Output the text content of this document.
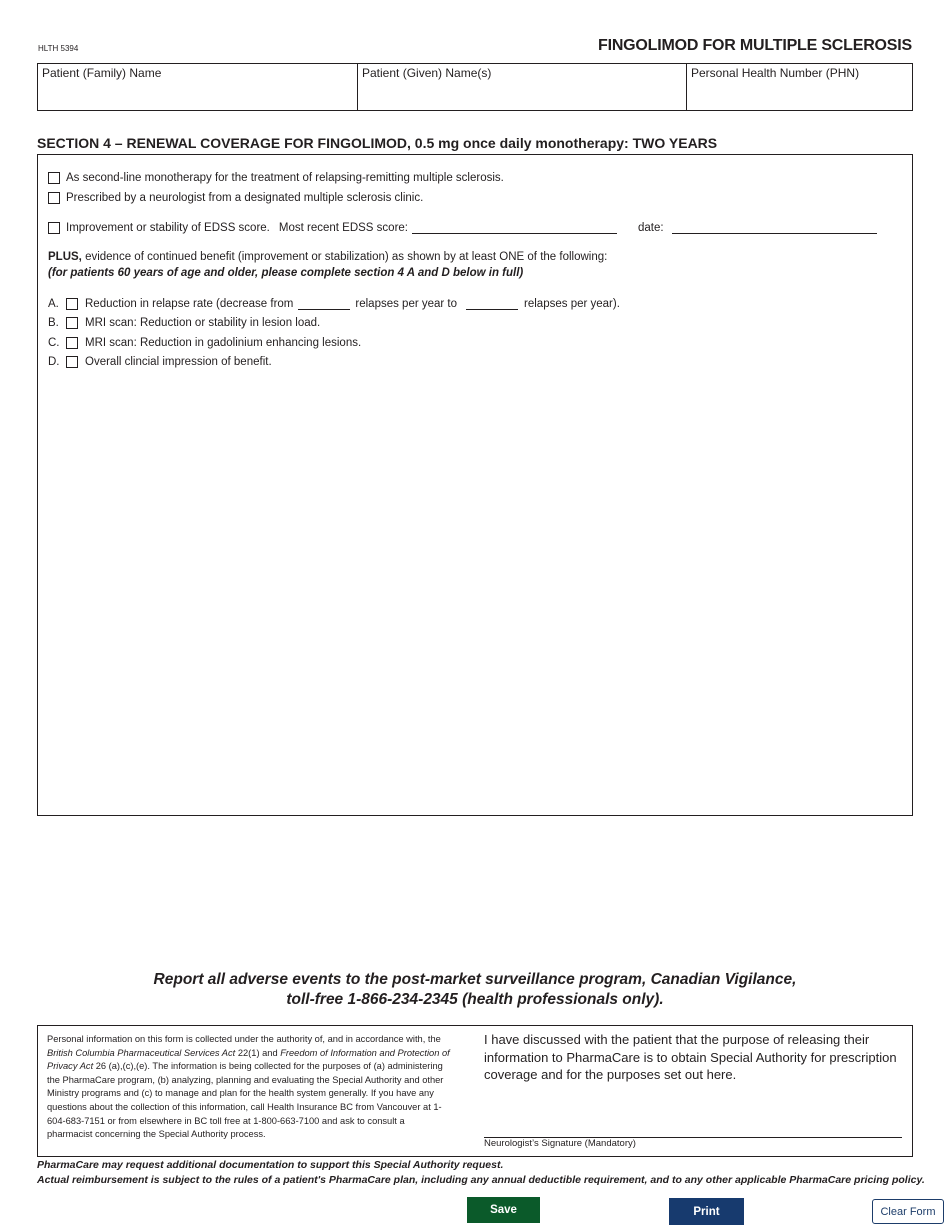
HLTH 5394	FINGOLIMOD FOR MULTIPLE SCLEROSIS
Patient (Family) Name	Patient (Given) Name(s)	Personal Health Number (PHN)
SECTION 4 – RENEWAL COVERAGE FOR FINGOLIMOD, 0.5 mg once daily monotherapy: TWO YEARS
As second-line monotherapy for the treatment of relapsing-remitting multiple sclerosis.
Prescribed by a neurologist from a designated multiple sclerosis clinic.
Improvement or stability of EDSS score. Most recent EDSS score:	date:
PLUS, evidence of continued benefit (improvement or stabilization) as shown by at least ONE of the following:
(for patients 60 years of age and older, please complete section 4 A and D below in full)
A.	Reduction in relapse rate (decrease from	relapses per year to	relapses per year).
B.	MRI scan: Reduction or stability in lesion load.
C.	MRI scan: Reduction in gadolinium enhancing lesions.
D.	Overall clincial impression of benefit.
Report all adverse events to the post-market surveillance program, Canadian Vigilance,
toll-free 1-866-234-2345 (health professionals only).
Personal information on this form is collected under the authority of, and in accordance with, the British Columbia Pharmaceutical Services Act 22(1) and Freedom of Information and Protection of Privacy Act 26 (a),(c),(e). The information is being collected for the purposes of (a) administering the PharmaCare program, (b) analyzing, planning and evaluating the Special Authority and other Ministry programs and (c) to manage and plan for the health system generally. If you have any questions about the collection of this information, call Health Insurance BC from Vancouver at 1-604-683-7151 or from elsewhere in BC toll free at 1-800-663-7100 and ask to consult a pharmacist concerning the Special Authority process.
I have discussed with the patient that the purpose of releasing their information to PharmaCare is to obtain Special Authority for prescription coverage and for the purposes set out here.
Neurologist’s Signature (Mandatory)
PharmaCare may request additional documentation to support this Special Authority request.
Actual reimbursement is subject to the rules of a patient's PharmaCare plan, including any annual deductible requirement, and to any other applicable PharmaCare pricing policy.
Save	Print	Clear Form
